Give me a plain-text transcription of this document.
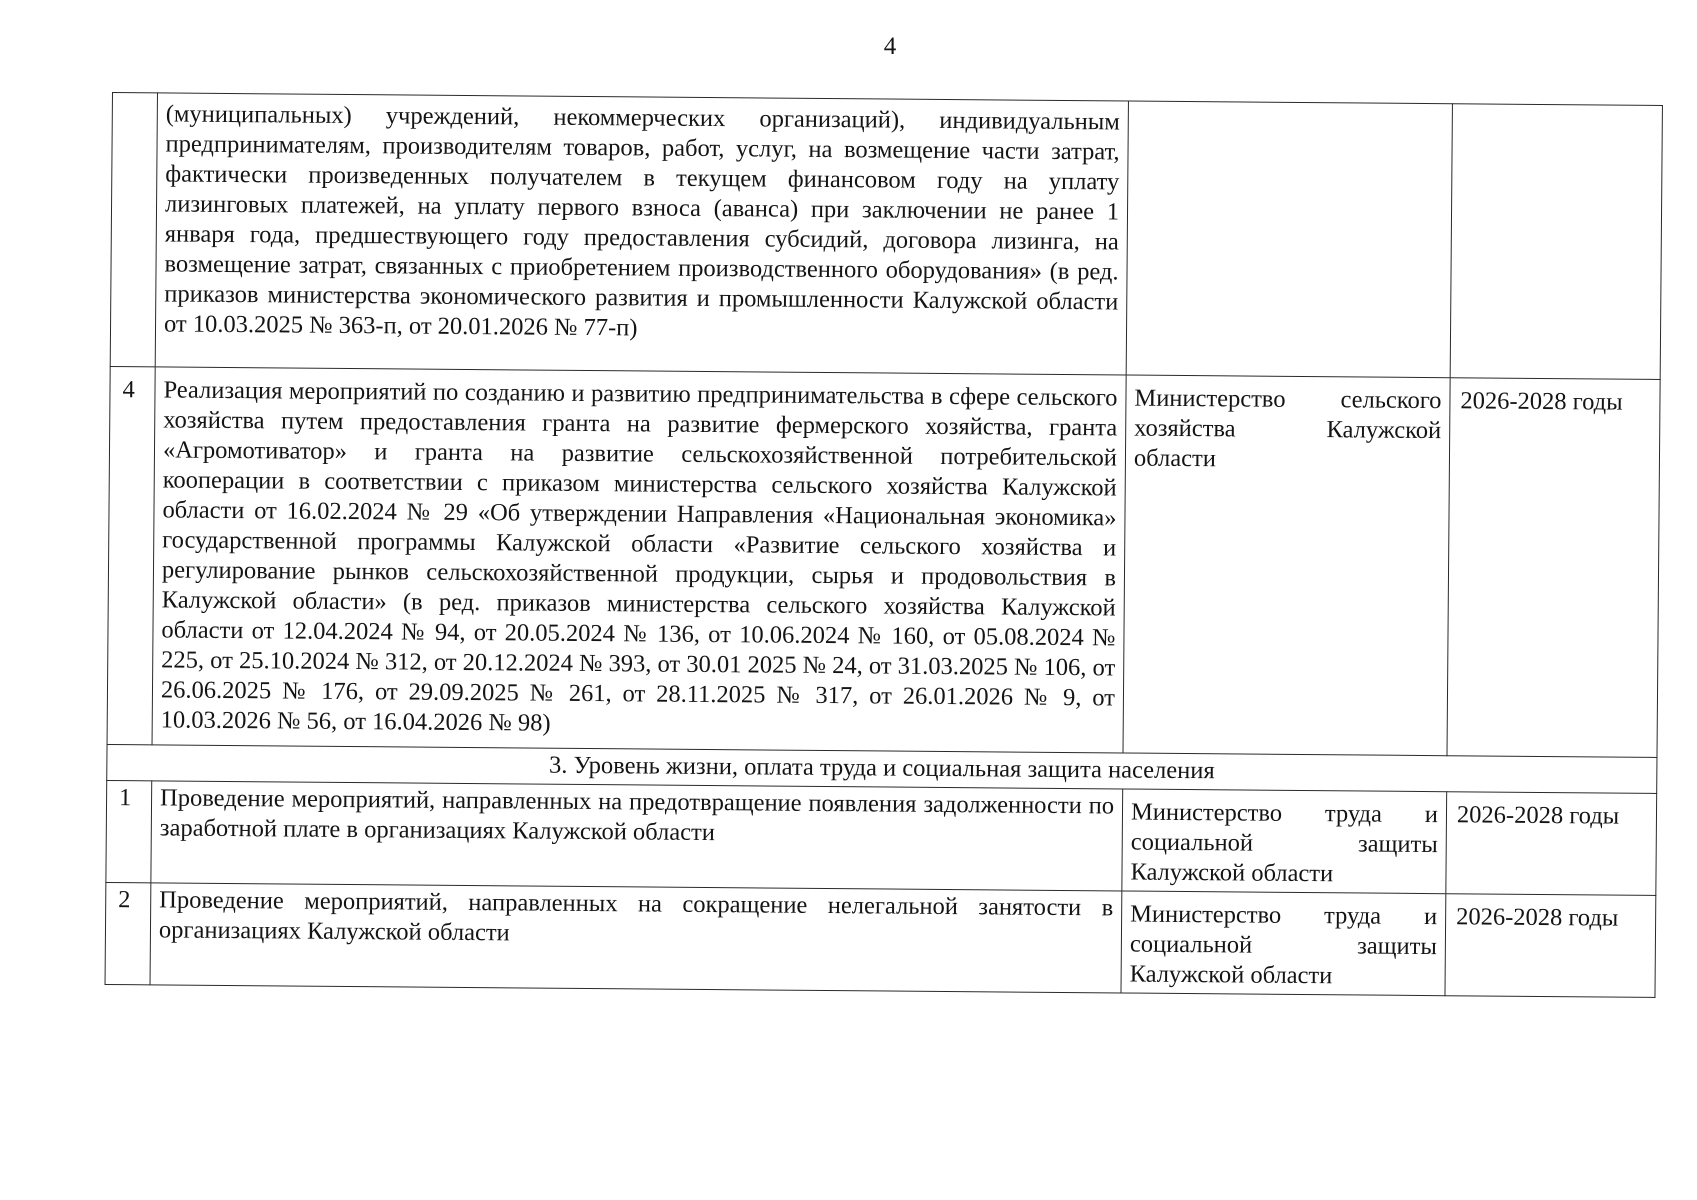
4
	(муниципальных) учреждений, некоммерческих организаций), индивидуальным предпринимателям, производителям товаров, работ, услуг, на возмещение части затрат, фактически произведенных получателем в текущем финансовом году на уплату лизинговых платежей, на уплату первого взноса (аванса) при заключении не ранее 1 января года, предшествующего году предоставления субсидий, договора лизинга, на возмещение затрат, связанных с приобретением производственного оборудования» (в ред. приказов министерства экономического развития и промышленности Калужской области от 10.03.2025 № 363-п, от 20.01.2026 № 77-п)		
4	Реализация мероприятий по созданию и развитию предпринимательства в сфере сельского хозяйства путем предоставления гранта на развитие фермерского хозяйства, гранта «Агромотиватор» и гранта на развитие сельскохозяйственной потребительской кооперации в соответствии с приказом министерства сельского хозяйства Калужской области от 16.02.2024 № 29 «Об утверждении Направления «Национальная экономика» государственной программы Калужской области «Развитие сельского хозяйства и регулирование рынков сельскохозяйственной продукции, сырья и продовольствия в Калужской области» (в ред. приказов министерства сельского хозяйства Калужской области от 12.04.2024 № 94, от 20.05.2024 № 136, от 10.06.2024 № 160, от 05.08.2024 № 225, от 25.10.2024 № 312, от 20.12.2024 № 393, от 30.01 2025 № 24, от 31.03.2025 № 106, от 26.06.2025 № 176, от 29.09.2025 № 261, от 28.11.2025 № 317, от 26.01.2026 № 9, от 10.03.2026 № 56, от 16.04.2026 № 98)	Министерство сельского хозяйства Калужской области	2026-2028 годы
3. Уровень жизни, оплата труда и социальная защита населения			
1	Проведение мероприятий, направленных на предотвращение появления задолженности по заработной плате в организациях Калужской области	Министерство труда и социальной защиты Калужской области	2026-2028 годы
2	Проведение мероприятий, направленных на сокращение нелегальной занятости в организациях Калужской области	Министерство труда и социальной защиты Калужской области	2026-2028 годы
